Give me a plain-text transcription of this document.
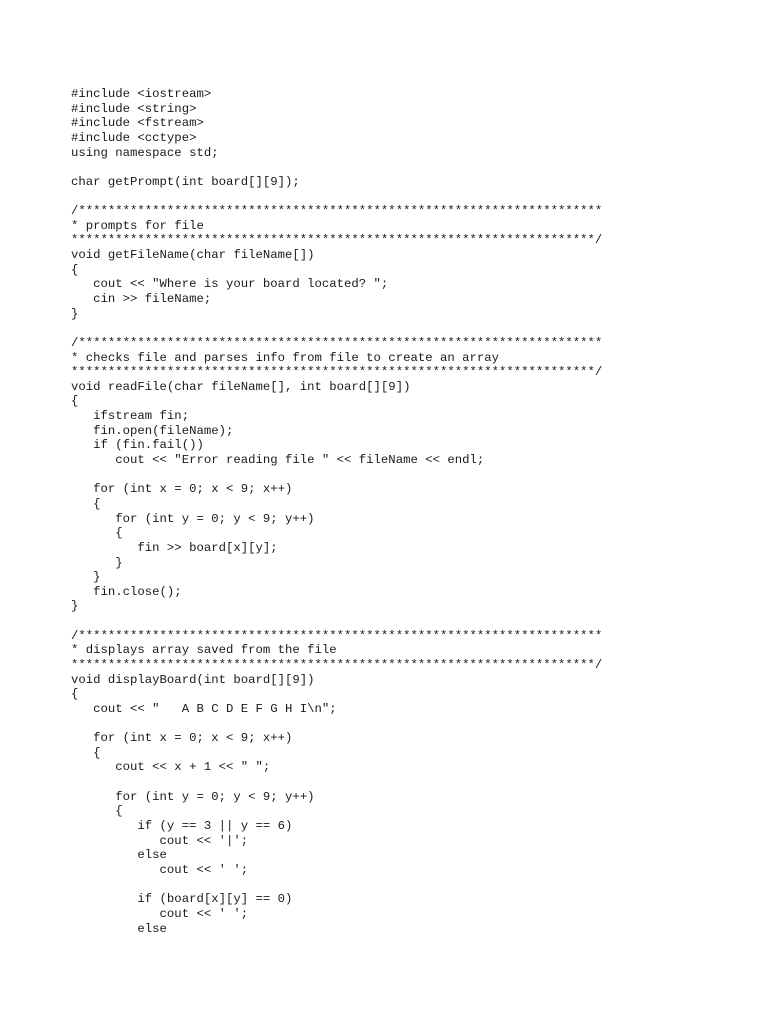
#include <iostream>
#include <string>
#include <fstream>
#include <cctype>
using namespace std;
char getPrompt(int board[][9]);
/***********************************************************************
* prompts for file
***********************************************************************/
void getFileName(char fileName[])
{
cout << "Where is your board located? ";
cin >> fileName;
}
/***********************************************************************
* checks file and parses info from file to create an array
***********************************************************************/
void readFile(char fileName[], int board[][9])
{
ifstream fin;
fin.open(fileName);
if (fin.fail())
cout << "Error reading file " << fileName << endl;
for (int x = 0; x < 9; x++)
{
for (int y = 0; y < 9; y++)
{
fin >> board[x][y];
}
}
fin.close();
}
/***********************************************************************
* displays array saved from the file
***********************************************************************/
void displayBoard(int board[][9])
{
cout << "   A B C D E F G H I\n";
for (int x = 0; x < 9; x++)
{
cout << x + 1 << " ";
for (int y = 0; y < 9; y++)
{
if (y == 3 || y == 6)
cout << '|';
else
cout << ' ';
if (board[x][y] == 0)
cout << ' ';
else
